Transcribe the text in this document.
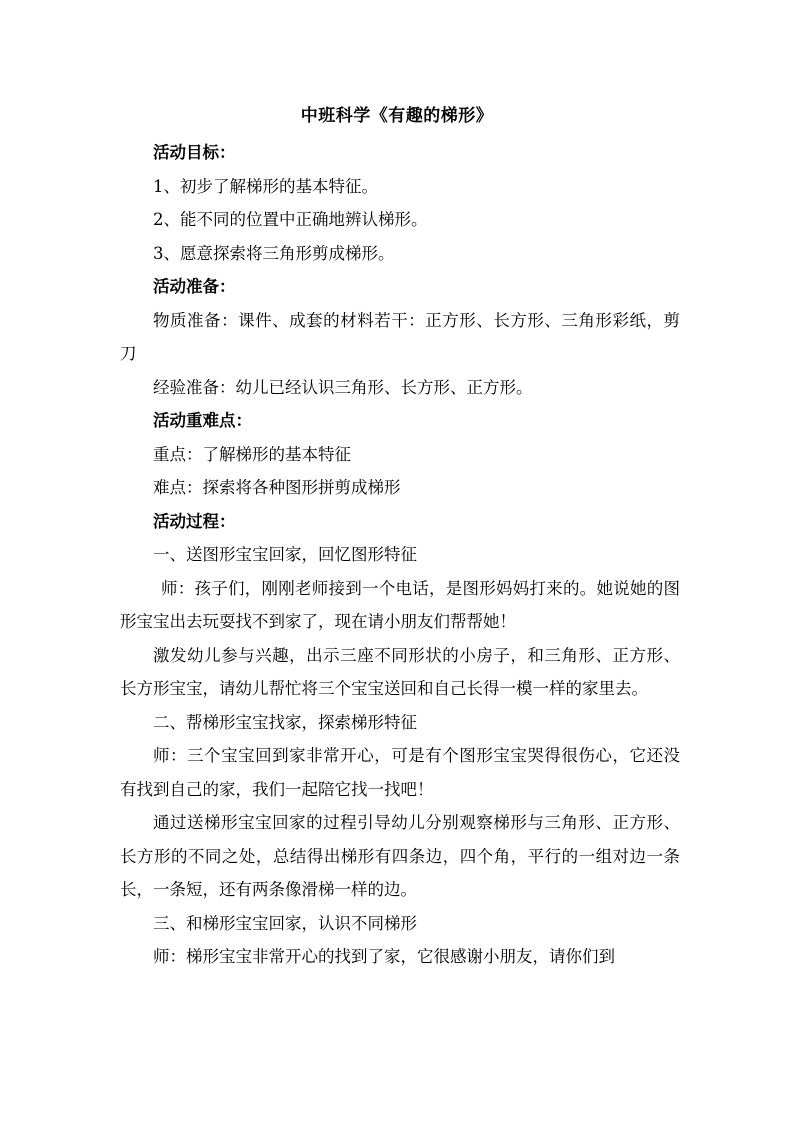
中班科学《有趣的梯形》
活动目标：
1、初步了解梯形的基本特征。
2、能不同的位置中正确地辨认梯形。
3、愿意探索将三角形剪成梯形。
活动准备：
物质准备：课件、成套的材料若干：正方形、长方形、三角形彩纸，剪刀
经验准备：幼儿已经认识三角形、长方形、正方形。
活动重难点：
重点：了解梯形的基本特征
难点：探索将各种图形拼剪成梯形
活动过程：
一、送图形宝宝回家，回忆图形特征
师：孩子们，刚刚老师接到一个电话，是图形妈妈打来的。她说她的图形宝宝出去玩耍找不到家了，现在请小朋友们帮帮她！
激发幼儿参与兴趣，出示三座不同形状的小房子，和三角形、正方形、长方形宝宝，请幼儿帮忙将三个宝宝送回和自己长得一模一样的家里去。
二、帮梯形宝宝找家，探索梯形特征
师：三个宝宝回到家非常开心，可是有个图形宝宝哭得很伤心，它还没有找到自己的家，我们一起陪它找一找吧！
通过送梯形宝宝回家的过程引导幼儿分别观察梯形与三角形、正方形、长方形的不同之处，总结得出梯形有四条边，四个角，平行的一组对边一条长，一条短，还有两条像滑梯一样的边。
三、和梯形宝宝回家，认识不同梯形
师：梯形宝宝非常开心的找到了家，它很感谢小朋友，请你们到
